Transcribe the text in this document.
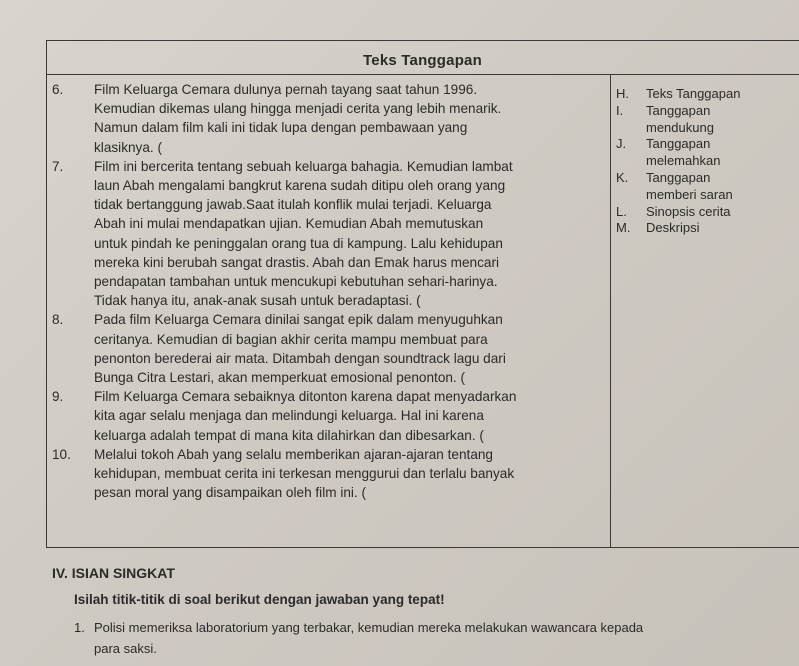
Teks Tanggapan
6.	Film Keluarga Cemara dulunya pernah tayang saat tahun 1996.
Kemudian dikemas ulang hingga menjadi cerita yang lebih menarik.
Namun dalam film kali ini tidak lupa dengan pembawaan yang
klasiknya. (
7.	Film ini bercerita tentang sebuah keluarga bahagia. Kemudian lambat
laun Abah mengalami bangkrut karena sudah ditipu oleh orang yang
tidak bertanggung jawab.Saat itulah konflik mulai terjadi. Keluarga
Abah ini mulai mendapatkan ujian. Kemudian Abah memutuskan
untuk pindah ke peninggalan orang tua di kampung. Lalu kehidupan
mereka kini berubah sangat drastis. Abah dan Emak harus mencari
pendapatan tambahan untuk mencukupi kebutuhan sehari-harinya.
Tidak hanya itu, anak-anak susah untuk beradaptasi. (
8.	Pada film Keluarga Cemara dinilai sangat epik dalam menyuguhkan
ceritanya. Kemudian di bagian akhir cerita mampu membuat para
penonton berederai air mata. Ditambah dengan soundtrack lagu dari
Bunga Citra Lestari, akan memperkuat emosional penonton. (
9.	Film Keluarga Cemara sebaiknya ditonton karena dapat menyadarkan
kita agar selalu menjaga dan melindungi keluarga. Hal ini karena
keluarga adalah tempat di mana kita dilahirkan dan dibesarkan. (
10.	Melalui tokoh Abah yang selalu memberikan ajaran-ajaran tentang
kehidupan, membuat cerita ini terkesan menggurui dan terlalu banyak
pesan moral yang disampaikan oleh film ini. (
H.	Teks Tanggapan
I.	Tanggapan
mendukung
J.	Tanggapan
melemahkan
K.	Tanggapan
memberi saran
L.	Sinopsis cerita
M.	Deskripsi
IV. ISIAN SINGKAT
Isilah titik-titik di soal berikut dengan jawaban yang tepat!
1. Polisi memeriksa laboratorium yang terbakar, kemudian mereka melakukan wawancara kepada
para saksi.
